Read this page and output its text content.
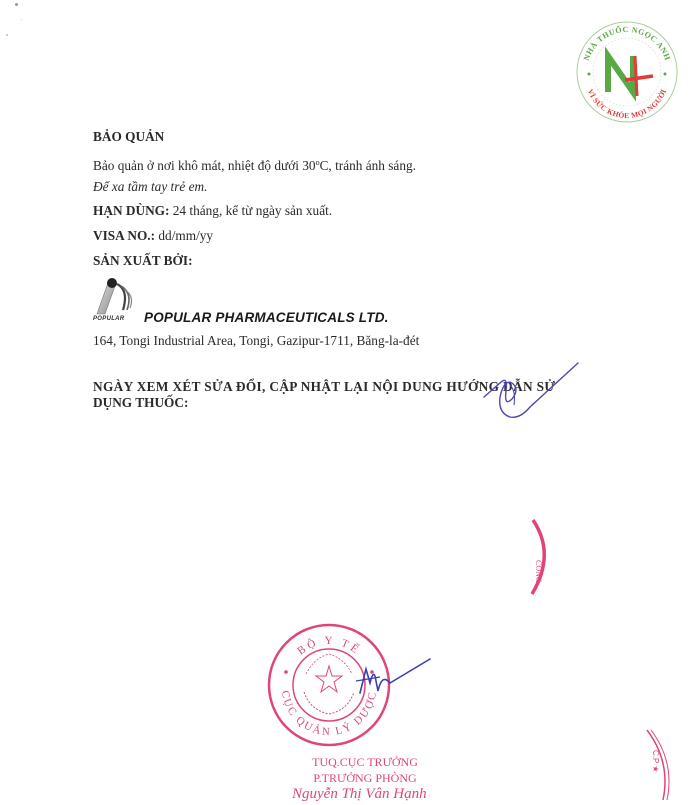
NHÀ THUỐC NGỌC ANH
VÌ SỨC KHỎE MỌI NGƯỜI
BẢO QUẢN
Bảo quản ở nơi khô mát, nhiệt độ dưới 30$^o$C, tránh ánh sáng.
Để xa tầm tay trẻ em.
HẠN DÙNG: 24 tháng, kể từ ngày sản xuất.
VISA NO.: dd/mm/yy
SẢN XUẤT BỞI:
POPULAR POPULAR PHARMACEUTICALS LTD.
164, Tongi Industrial Area, Tongi, Gazipur-1711, Băng-la-đét
NGÀY XEM XÉT SỬA ĐỔI, CẬP NHẬT LẠI NỘI DUNG HƯỚNG DẪN SỬ
DỤNG THUỐC:
CÔNG
BỘ Y TẾ
CỤC QUẢN LÝ DƯỢC
TUQ.CỤC TRƯỞNG
P.TRƯỞNG PHÒNG
Nguyễn Thị Vân Hạnh
C.P ★
